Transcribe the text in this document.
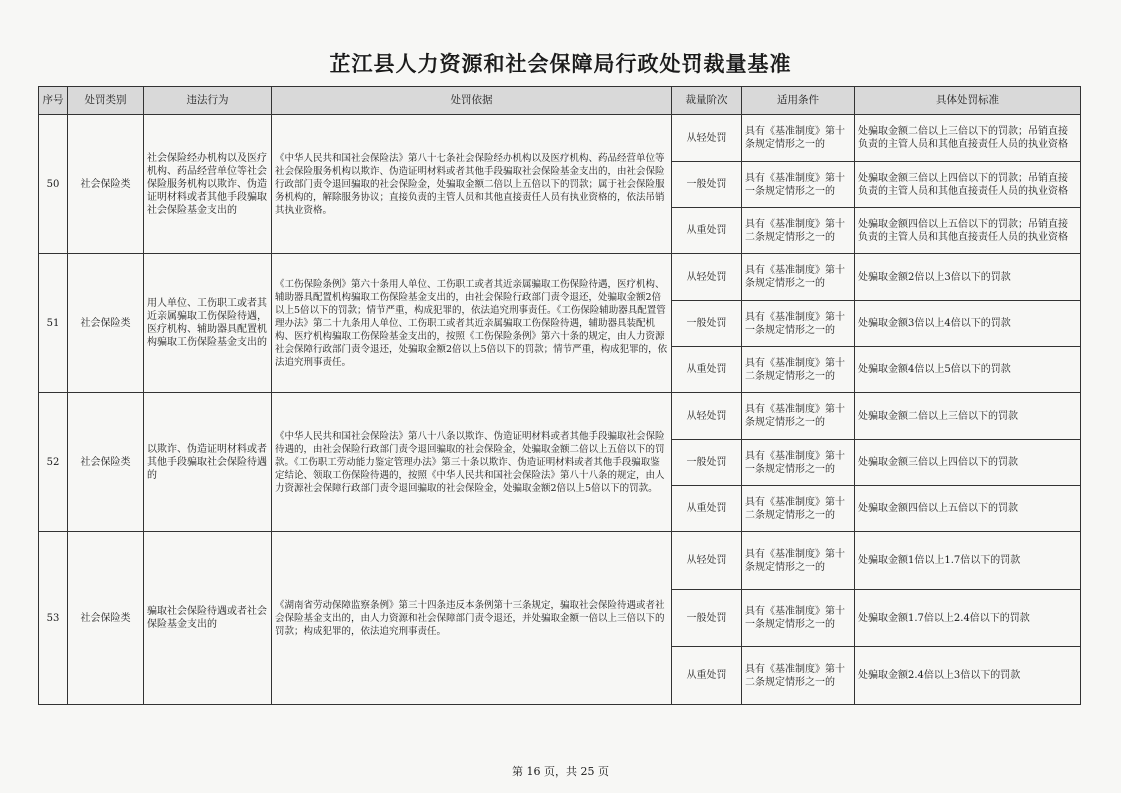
芷江县人力资源和社会保障局行政处罚裁量基准
序号	处罚类别	违法行为	处罚依据	裁量阶次	适用条件	具体处罚标准
50	社会保险类	社会保险经办机构以及医疗机构、药品经营单位等社会保险服务机构以欺诈、伪造证明材料或者其他手段骗取社会保险基金支出的	《中华人民共和国社会保险法》第八十七条社会保险经办机构以及医疗机构、药品经营单位等社会保险服务机构以欺诈、伪造证明材料或者其他手段骗取社会保险基金支出的，由社会保险行政部门责令退回骗取的社会保险金，处骗取金额二倍以上五倍以下的罚款；属于社会保险服务机构的，解除服务协议；直接负责的主管人员和其他直接责任人员有执业资格的，依法吊销其执业资格。	从轻处罚	具有《基准制度》第十条规定情形之一的	处骗取金额二倍以上三倍以下的罚款；吊销直接负责的主管人员和其他直接责任人员的执业资格
				一般处罚	具有《基准制度》第十一条规定情形之一的	处骗取金额三倍以上四倍以下的罚款；吊销直接负责的主管人员和其他直接责任人员的执业资格
				从重处罚	具有《基准制度》第十二条规定情形之一的	处骗取金额四倍以上五倍以下的罚款；吊销直接负责的主管人员和其他直接责任人员的执业资格
51	社会保险类	用人单位、工伤职工或者其近亲属骗取工伤保险待遇，医疗机构、辅助器具配置机构骗取工伤保险基金支出的	《工伤保险条例》第六十条用人单位、工伤职工或者其近亲属骗取工伤保险待遇，医疗机构、辅助器具配置机构骗取工伤保险基金支出的，由社会保险行政部门责令退还，处骗取金额2倍以上5倍以下的罚款；情节严重，构成犯罪的，依法追究刑事责任。《工伤保险辅助器具配置管理办法》第二十九条用人单位、工伤职工或者其近亲属骗取工伤保险待遇，辅助器具装配机构、医疗机构骗取工伤保险基金支出的，按照《工伤保险条例》第六十条的规定，由人力资源社会保障行政部门责令退还，处骗取金额2倍以上5倍以下的罚款；情节严重，构成犯罪的，依法追究刑事责任。	从轻处罚	具有《基准制度》第十条规定情形之一的	处骗取金额2倍以上3倍以下的罚款
				一般处罚	具有《基准制度》第十一条规定情形之一的	处骗取金额3倍以上4倍以下的罚款
				从重处罚	具有《基准制度》第十二条规定情形之一的	处骗取金额4倍以上5倍以下的罚款
52	社会保险类	以欺诈、伪造证明材料或者其他手段骗取社会保险待遇的	《中华人民共和国社会保险法》第八十八条以欺诈、伪造证明材料或者其他手段骗取社会保险待遇的，由社会保险行政部门责令退回骗取的社会保险金，处骗取金额二倍以上五倍以下的罚款。《工伤职工劳动能力鉴定管理办法》第三十条以欺诈、伪造证明材料或者其他手段骗取鉴定结论、领取工伤保险待遇的，按照《中华人民共和国社会保险法》第八十八条的规定，由人力资源社会保障行政部门责令退回骗取的社会保险金，处骗取金额2倍以上5倍以下的罚款。	从轻处罚	具有《基准制度》第十条规定情形之一的	处骗取金额二倍以上三倍以下的罚款
				一般处罚	具有《基准制度》第十一条规定情形之一的	处骗取金额三倍以上四倍以下的罚款
				从重处罚	具有《基准制度》第十二条规定情形之一的	处骗取金额四倍以上五倍以下的罚款
53	社会保险类	骗取社会保险待遇或者社会保险基金支出的	《湖南省劳动保障监察条例》第三十四条违反本条例第十三条规定，骗取社会保险待遇或者社会保险基金支出的，由人力资源和社会保障部门责令退还，并处骗取金额一倍以上三倍以下的罚款；构成犯罪的，依法追究刑事责任。	从轻处罚	具有《基准制度》第十条规定情形之一的	处骗取金额1倍以上1.7倍以下的罚款
				一般处罚	具有《基准制度》第十一条规定情形之一的	处骗取金额1.7倍以上2.4倍以下的罚款
				从重处罚	具有《基准制度》第十二条规定情形之一的	处骗取金额2.4倍以上3倍以下的罚款
第 16 页，共 25 页
